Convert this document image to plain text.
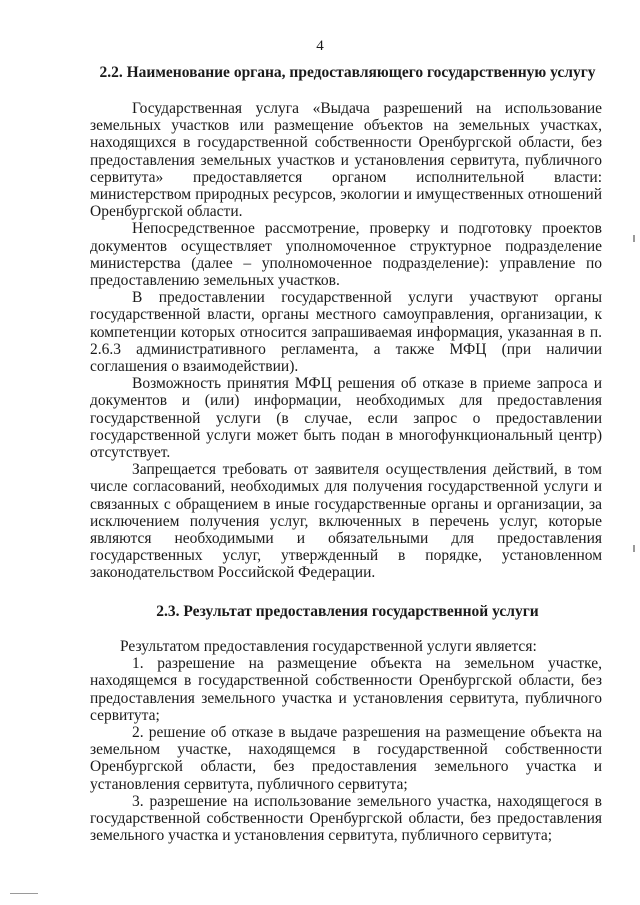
4
2.2. Наименование органа, предоставляющего государственную услугу

Государственная услуга «Выдача разрешений на использование земельных участков или размещение объектов на земельных участках, находящихся в государственной собственности Оренбургской области, без предоставления земельных участков и установления сервитута, публичного сервитута» предоставляется органом исполнительной власти: министерством природных ресурсов, экологии и имущественных отношений Оренбургской области.

Непосредственное рассмотрение, проверку и подготовку проектов документов осуществляет уполномоченное структурное подразделение министерства (далее – уполномоченное подразделение): управление по предоставлению земельных участков.

В предоставлении государственной услуги участвуют органы государственной власти, органы местного самоуправления, организации, к компетенции которых относится запрашиваемая информация, указанная в п. 2.6.3 административного регламента, а также МФЦ (при наличии соглашения о взаимодействии).

Возможность принятия МФЦ решения об отказе в приеме запроса и документов и (или) информации, необходимых для предоставления государственной услуги (в случае, если запрос о предоставлении государственной услуги может быть подан в многофункциональный центр) отсутствует.

Запрещается требовать от заявителя осуществления действий, в том числе согласований, необходимых для получения государственной услуги и связанных с обращением в иные государственные органы и организации, за исключением получения услуг, включенных в перечень услуг, которые являются необходимыми и обязательными для предоставления государственных услуг, утвержденный в порядке, установленном законодательством Российской Федерации.

2.3. Результат предоставления государственной услуги

Результатом предоставления государственной услуги является:

1. разрешение на размещение объекта на земельном участке, находящемся в государственной собственности Оренбургской области, без предоставления земельного участка и установления сервитута, публичного сервитута;

2. решение об отказе в выдаче разрешения на размещение объекта на земельном участке, находящемся в государственной собственности Оренбургской области, без предоставления земельного участка и установления сервитута, публичного сервитута;

3. разрешение на использование земельного участка, находящегося в государственной собственности Оренбургской области, без предоставления земельного участка и установления сервитута, публичного сервитута;
